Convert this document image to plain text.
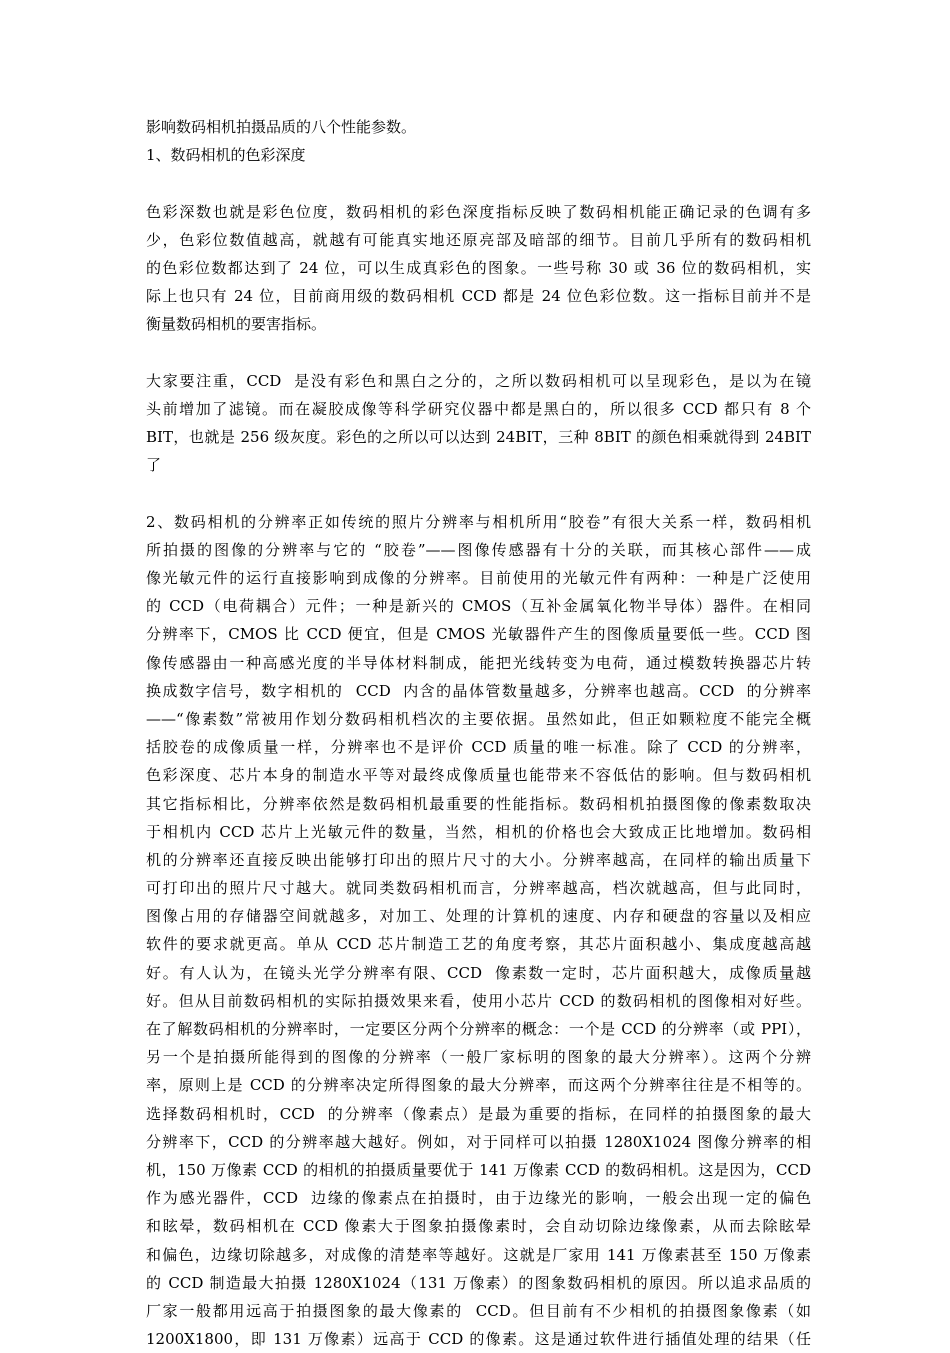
影响数码相机拍摄品质的八个性能参数。
1、数码相机的色彩深度
色彩深数也就是彩色位度，数码相机的彩色深度指标反映了数码相机能正确记录的色调有多
少，色彩位数值越高，就越有可能真实地还原亮部及暗部的细节。目前几乎所有的数码相机
的色彩位数都达到了 24 位，可以生成真彩色的图象。一些号称 30 或 36 位的数码相机，实
际上也只有 24 位，目前商用级的数码相机 CCD 都是 24 位色彩位数。这一指标目前并不是
衡量数码相机的要害指标。
大家要注重，CCD  是没有彩色和黑白之分的，之所以数码相机可以呈现彩色，是以为在镜
头前增加了滤镜。而在凝胶成像等科学研究仪器中都是黑白的，所以很多 CCD 都只有 8 个
BIT，也就是 256 级灰度。彩色的之所以可以达到 24BIT，三种 8BIT 的颜色相乘就得到 24BIT
了
2、数码相机的分辨率正如传统的照片分辨率与相机所用“胶卷”有很大关系一样，数码相机
所拍摄的图像的分辨率与它的 “胶卷”——图像传感器有十分的关联，而其核心部件——成
像光敏元件的运行直接影响到成像的分辨率。目前使用的光敏元件有两种：一种是广泛使用
的 CCD（电荷耦合）元件；一种是新兴的 CMOS（互补金属氧化物半导体）器件。在相同
分辨率下，CMOS 比 CCD 便宜，但是 CMOS 光敏器件产生的图像质量要低一些。CCD 图
像传感器由一种高感光度的半导体材料制成，能把光线转变为电荷，通过模数转换器芯片转
换成数字信号，数字相机的  CCD  内含的晶体管数量越多，分辨率也越高。CCD  的分辨率
——“像素数”常被用作划分数码相机档次的主要依据。虽然如此，但正如颗粒度不能完全概
括胶卷的成像质量一样，分辨率也不是评价 CCD 质量的唯一标准。除了 CCD 的分辨率，
色彩深度、芯片本身的制造水平等对最终成像质量也能带来不容低估的影响。但与数码相机
其它指标相比，分辨率依然是数码相机最重要的性能指标。数码相机拍摄图像的像素数取决
于相机内 CCD 芯片上光敏元件的数量，当然，相机的价格也会大致成正比地增加。数码相
机的分辨率还直接反映出能够打印出的照片尺寸的大小。分辨率越高，在同样的输出质量下
可打印出的照片尺寸越大。就同类数码相机而言，分辨率越高，档次就越高，但与此同时，
图像占用的存储器空间就越多，对加工、处理的计算机的速度、内存和硬盘的容量以及相应
软件的要求就更高。单从 CCD 芯片制造工艺的角度考察，其芯片面积越小、集成度越高越
好。有人认为，在镜头光学分辨率有限、CCD  像素数一定时，芯片面积越大，成像质量越
好。但从目前数码相机的实际拍摄效果来看，使用小芯片 CCD 的数码相机的图像相对好些。
在了解数码相机的分辨率时，一定要区分两个分辨率的概念：一个是 CCD 的分辨率（或 PPI），
另一个是拍摄所能得到的图像的分辨率（一般厂家标明的图象的最大分辨率）。这两个分辨
率，原则上是 CCD 的分辨率决定所得图象的最大分辨率，而这两个分辨率往往是不相等的。
选择数码相机时，CCD  的分辨率（像素点）是最为重要的指标，在同样的拍摄图象的最大
分辨率下，CCD 的分辨率越大越好。例如，对于同样可以拍摄 1280X1024 图像分辨率的相
机，150 万像素 CCD 的相机的拍摄质量要优于 141 万像素 CCD 的数码相机。这是因为，CCD
作为感光器件，CCD  边缘的像素点在拍摄时，由于边缘光的影响，一般会出现一定的偏色
和眩晕，数码相机在 CCD 像素大于图象拍摄像素时，会自动切除边缘像素，从而去除眩晕
和偏色，边缘切除越多，对成像的清楚率等越好。这就是厂家用 141 万像素甚至 150 万像素
的 CCD 制造最大拍摄 1280X1024（131 万像素）的图象数码相机的原因。所以追求品质的
厂家一般都用远高于拍摄图象的最大像素的  CCD。但目前有不少相机的拍摄图象像素（如
1200X1800，即 131 万像素）远高于 CCD 的像素。这是通过软件进行插值处理的结果（任
